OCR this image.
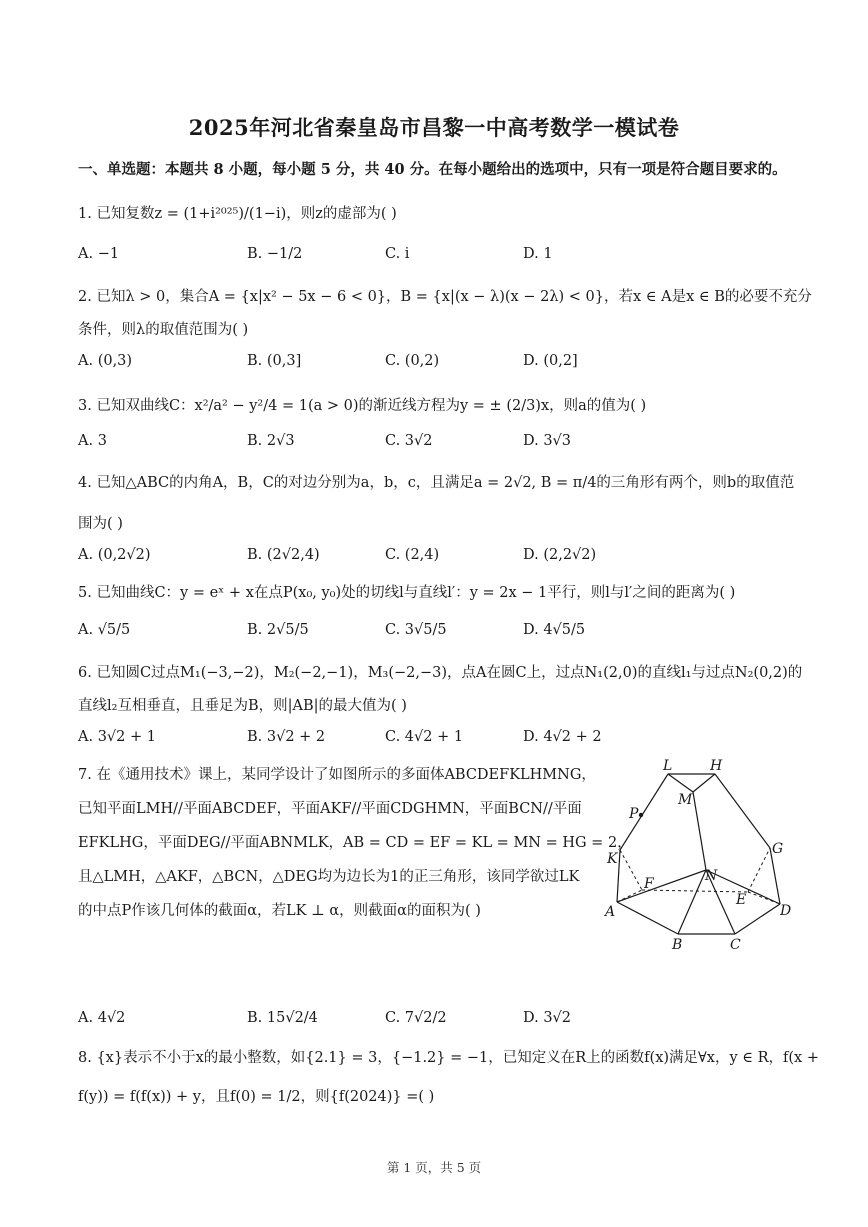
2025年河北省秦皇岛市昌黎一中高考数学一模试卷
一、单选题：本题共 8 小题，每小题 5 分，共 40 分。在每小题给出的选项中，只有一项是符合题目要求的。
1. 已知复数z = (1+i²⁰²⁵)/(1−i)，则z的虚部为( )
A. −1	B. −1/2	C. i	D. 1
2. 已知λ > 0，集合A = {x|x² − 5x − 6 < 0}，B = {x|(x − λ)(x − 2λ) < 0}，若x ∈ A是x ∈ B的必要不充分
条件，则λ的取值范围为( )
A. (0,3)	B. (0,3]	C. (0,2)	D. (0,2]
3. 已知双曲线C：x²/a² − y²/4 = 1(a > 0)的渐近线方程为y = ± (2/3)x，则a的值为( )
A. 3	B. 2√3	C. 3√2	D. 3√3
4. 已知△ABC的内角A，B，C的对边分别为a，b，c，且满足a = 2√2, B = π/4的三角形有两个，则b的取值范
围为( )
A. (0,2√2)	B. (2√2,4)	C. (2,4)	D. (2,2√2)
5. 已知曲线C：y = eˣ + x在点P(x₀, y₀)处的切线l与直线l′：y = 2x − 1平行，则l与l′之间的距离为( )
A. √5/5	B. 2√5/5	C. 3√5/5	D. 4√5/5
6. 已知圆C过点M₁(−3,−2)，M₂(−2,−1)，M₃(−2,−3)，点A在圆C上，过点N₁(2,0)的直线l₁与过点N₂(0,2)的
直线l₂互相垂直，且垂足为B，则|AB|的最大值为( )
A. 3√2 + 1	B. 3√2 + 2	C. 4√2 + 1	D. 4√2 + 2
7. 在《通用技术》课上，某同学设计了如图所示的多面体ABCDEFKLHMNG，
已知平面LMH//平面ABCDEF，平面AKF//平面CDGHMN，平面BCN//平面
EFKLHG，平面DEG//平面ABNMLK，AB = CD = EF = KL = MN = HG = 2，
且△LMH，△AKF，△BCN，△DEG均为边长为1的正三角形，该同学欲过LK
的中点P作该几何体的截面α，若LK ⊥ α，则截面α的面积为( )
L	H
M
P
G
K
F	N
E
A	D
B	C
A. 4√2	B. 15√2/4	C. 7√2/2	D. 3√2
8. {x}表示不小于x的最小整数，如{2.1} = 3，{−1.2} = −1，已知定义在R上的函数f(x)满足∀x，y ∈ R，f(x +
f(y)) = f(f(x)) + y，且f(0) = 1/2，则{f(2024)} =( )
第 1 页，共 5 页
